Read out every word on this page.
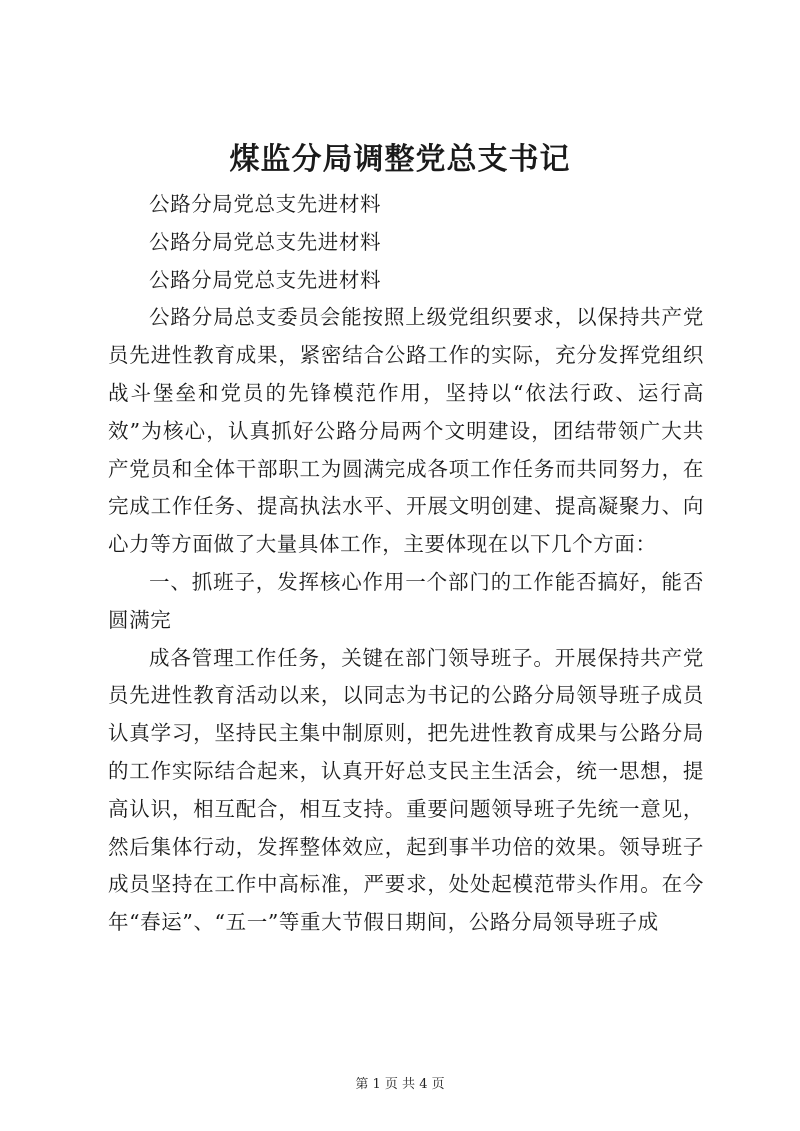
煤监分局调整党总支书记

公路分局党总支先进材料

公路分局党总支先进材料

公路分局党总支先进材料

公路分局总支委员会能按照上级党组织要求，以保持共产党员先进性教育成果，紧密结合公路工作的实际，充分发挥党组织战斗堡垒和党员的先锋模范作用，坚持以“依法行政、运行高效”为核心，认真抓好公路分局两个文明建设，团结带领广大共产党员和全体干部职工为圆满完成各项工作任务而共同努力，在完成工作任务、提高执法水平、开展文明创建、提高凝聚力、向心力等方面做了大量具体工作，主要体现在以下几个方面：

一、抓班子，发挥核心作用一个部门的工作能否搞好，能否圆满完

成各管理工作任务，关键在部门领导班子。开展保持共产党员先进性教育活动以来，以同志为书记的公路分局领导班子成员认真学习，坚持民主集中制原则，把先进性教育成果与公路分局的工作实际结合起来，认真开好总支民主生活会，统一思想，提高认识，相互配合，相互支持。重要问题领导班子先统一意见，然后集体行动，发挥整体效应，起到事半功倍的效果。领导班子成员坚持在工作中高标准，严要求，处处起模范带头作用。在今年“春运”、“五一”等重大节假日期间，公路分局领导班子成

第 1 页 共 4 页
